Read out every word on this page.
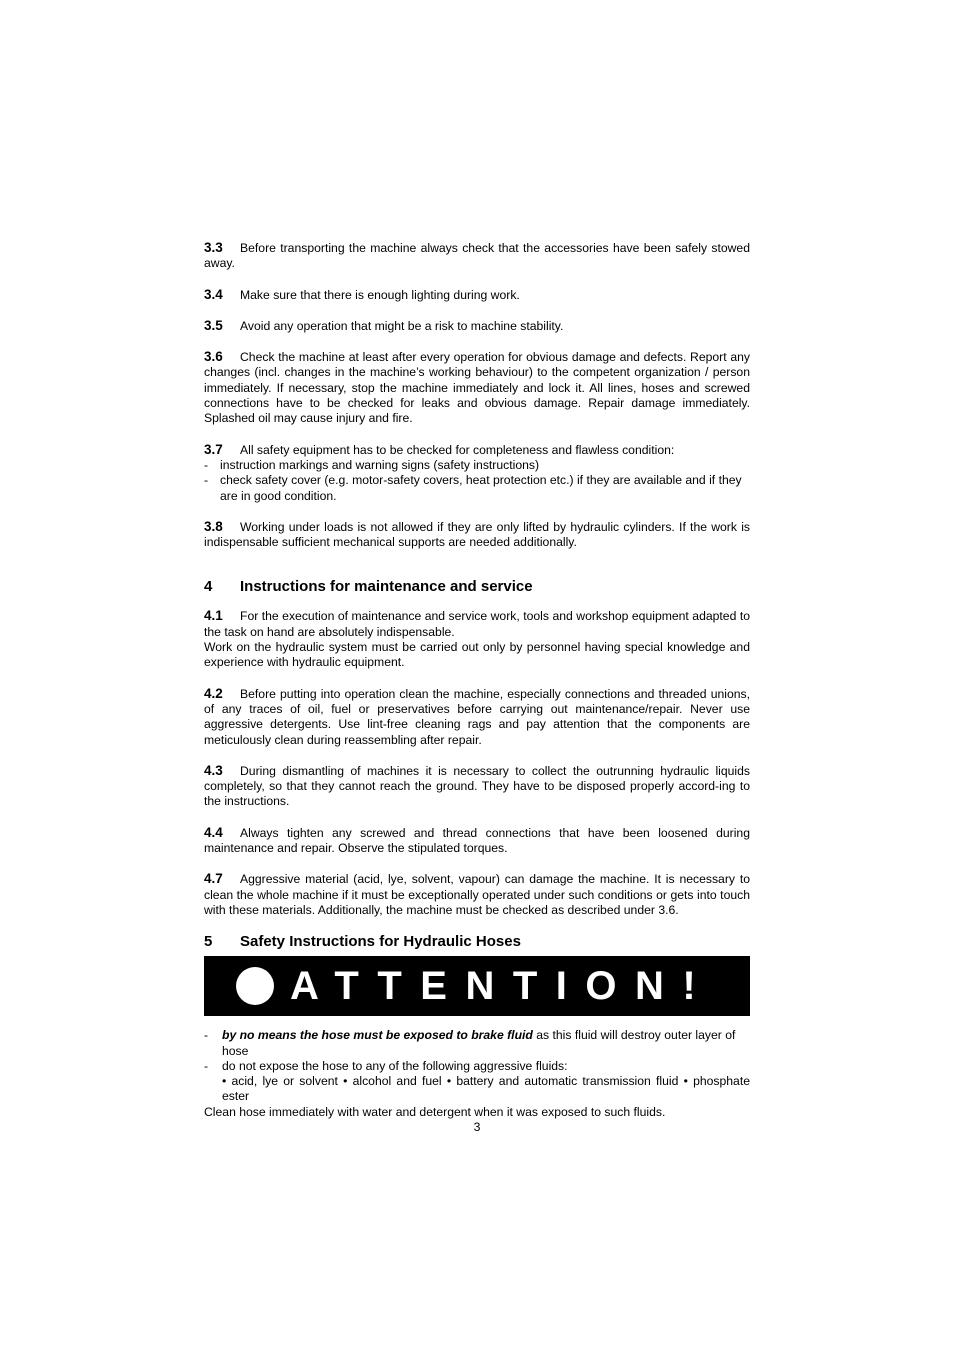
3.3 Before transporting the machine always check that the accessories have been safely stowed away.

3.4 Make sure that there is enough lighting during work.

3.5 Avoid any operation that might be a risk to machine stability.

3.6 Check the machine at least after every operation for obvious damage and defects. Report any changes (incl. changes in the machine’s working behaviour) to the competent organization / person immediately. If necessary, stop the machine immediately and lock it. All lines, hoses and screwed connections have to be checked for leaks and obvious damage. Repair damage immediately. Splashed oil may cause injury and fire.

3.7 All safety equipment has to be checked for completeness and flawless condition:

- instruction markings and warning signs (safety instructions)
- check safety cover (e.g. motor-safety covers, heat protection etc.) if they are available and if they are in good condition.

3.8 Working under loads is not allowed if they are only lifted by hydraulic cylinders. If the work is indispensable sufficient mechanical supports are needed additionally.

4 Instructions for maintenance and service

4.1 For the execution of maintenance and service work, tools and workshop equipment adapted to the task on hand are absolutely indispensable.

Work on the hydraulic system must be carried out only by personnel having special knowledge and experience with hydraulic equipment.

4.2 Before putting into operation clean the machine, especially connections and threaded unions, of any traces of oil, fuel or preservatives before carrying out maintenance/repair. Never use aggressive detergents. Use lint-free cleaning rags and pay attention that the components are meticulously clean during reassembling after repair.

4.3 During dismantling of machines it is necessary to collect the outrunning hydraulic liquids completely, so that they cannot reach the ground. They have to be disposed properly accord-ing to the instructions.

4.4 Always tighten any screwed and thread connections that have been loosened during maintenance and repair. Observe the stipulated torques.

4.7 Aggressive material (acid, lye, solvent, vapour) can damage the machine. It is necessary to clean the whole machine if it must be exceptionally operated under such conditions or gets into touch with these materials. Additionally, the machine must be checked as described under 3.6.

5 Safety Instructions for Hydraulic Hoses

ATTENTION!
- by no means the hose must be exposed to brake fluid as this fluid will destroy outer layer of hose
- do not expose the hose to any of the following aggressive fluids:
• acid, lye or solvent • alcohol and fuel • battery and automatic transmission fluid • phosphate ester

Clean hose immediately with water and detergent when it was exposed to such fluids.

3
